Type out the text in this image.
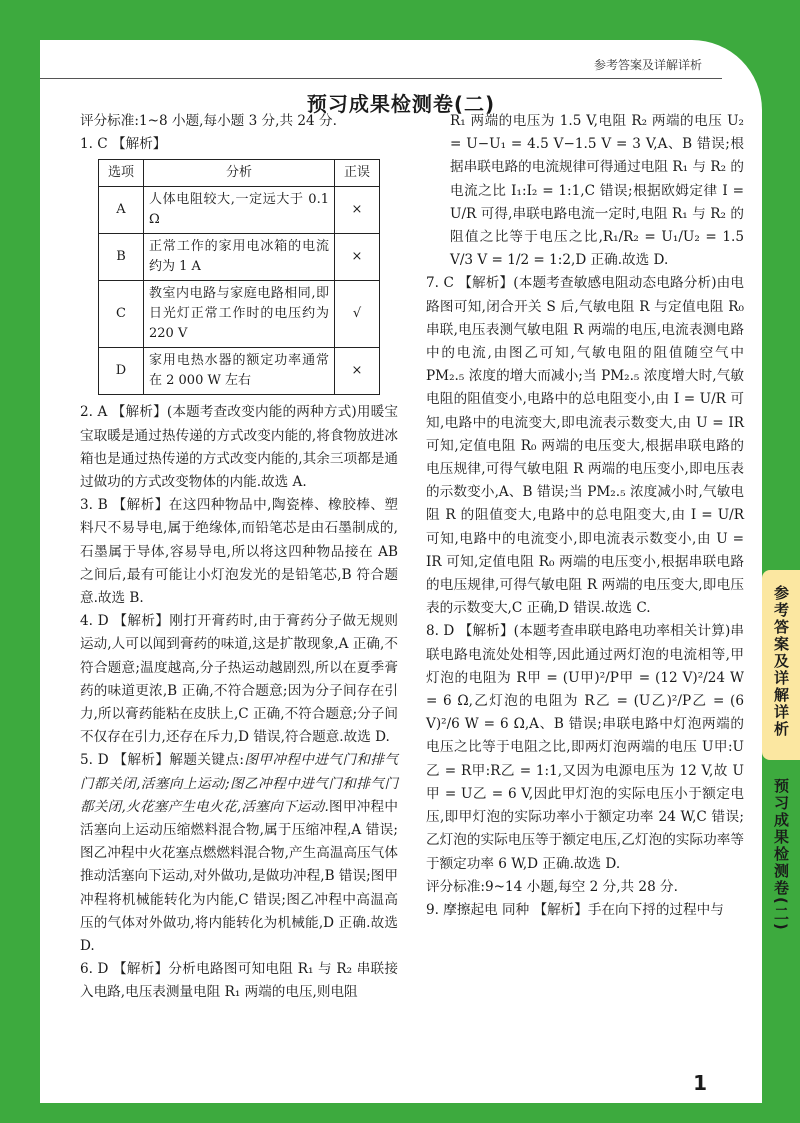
参考答案及详解详析
预习成果检测卷(二)

评分标准:1~8 小题,每小题 3 分,共 24 分.

1. C 【解析】

选项	分析	正误
A	人体电阻较大,一定远大于 0.1 Ω	×
B	正常工作的家用电冰箱的电流约为 1 A	×
C	教室内电路与家庭电路相同,即日光灯正常工作时的电压约为 220 V	√
D	家用电热水器的额定功率通常在 2 000 W 左右	×

2. A 【解析】(本题考查改变内能的两种方式)用暖宝宝取暖是通过热传递的方式改变内能的,将食物放进冰箱也是通过热传递的方式改变内能的,其余三项都是通过做功的方式改变物体的内能.故选 A.

3. B 【解析】在这四种物品中,陶瓷棒、橡胶棒、塑料尺不易导电,属于绝缘体,而铅笔芯是由石墨制成的,石墨属于导体,容易导电,所以将这四种物品接在 AB 之间后,最有可能让小灯泡发光的是铅笔芯,B 符合题意.故选 B.

4. D 【解析】刚打开膏药时,由于膏药分子做无规则运动,人可以闻到膏药的味道,这是扩散现象,A 正确,不符合题意;温度越高,分子热运动越剧烈,所以在夏季膏药的味道更浓,B 正确,不符合题意;因为分子间存在引力,所以膏药能粘在皮肤上,C 正确,不符合题意;分子间不仅存在引力,还存在斥力,D 错误,符合题意.故选 D.

5. D 【解析】解题关键点:图甲冲程中进气门和排气门都关闭,活塞向上运动;图乙冲程中进气门和排气门都关闭,火花塞产生电火花,活塞向下运动.图甲冲程中活塞向上运动压缩燃料混合物,属于压缩冲程,A 错误;图乙冲程中火花塞点燃燃料混合物,产生高温高压气体推动活塞向下运动,对外做功,是做功冲程,B 错误;图甲冲程将机械能转化为内能,C 错误;图乙冲程中高温高压的气体对外做功,将内能转化为机械能,D 正确.故选 D.

6. D 【解析】分析电路图可知电阻 R₁ 与 R₂ 串联接入电路,电压表测量电阻 R₁ 两端的电压,则电阻

R₁ 两端的电压为 1.5 V,电阻 R₂ 两端的电压 U₂ = U−U₁ = 4.5 V−1.5 V = 3 V,A、B 错误;根据串联电路的电流规律可得通过电阻 R₁ 与 R₂ 的电流之比 I₁:I₂ = 1:1,C 错误;根据欧姆定律 I = U/R 可得,串联电路电流一定时,电阻 R₁ 与 R₂ 的阻值之比等于电压之比,R₁/R₂ = U₁/U₂ = 1.5 V/3 V = 1/2 = 1:2,D 正确.故选 D.

7. C 【解析】(本题考查敏感电阻动态电路分析)由电路图可知,闭合开关 S 后,气敏电阻 R 与定值电阻 R₀ 串联,电压表测气敏电阻 R 两端的电压,电流表测电路中的电流,由图乙可知,气敏电阻的阻值随空气中 PM₂.₅ 浓度的增大而减小;当 PM₂.₅ 浓度增大时,气敏电阻的阻值变小,电路中的总电阻变小,由 I = U/R 可知,电路中的电流变大,即电流表示数变大,由 U = IR 可知,定值电阻 R₀ 两端的电压变大,根据串联电路的电压规律,可得气敏电阻 R 两端的电压变小,即电压表的示数变小,A、B 错误;当 PM₂.₅ 浓度减小时,气敏电阻 R 的阻值变大,电路中的总电阻变大,由 I = U/R 可知,电路中的电流变小,即电流表示数变小,由 U = IR 可知,定值电阻 R₀ 两端的电压变小,根据串联电路的电压规律,可得气敏电阻 R 两端的电压变大,即电压表的示数变大,C 正确,D 错误.故选 C.

8. D 【解析】(本题考查串联电路电功率相关计算)串联电路电流处处相等,因此通过两灯泡的电流相等,甲灯泡的电阻为 R甲 = (U甲)²/P甲 = (12 V)²/24 W = 6 Ω,乙灯泡的电阻为 R乙 = (U乙)²/P乙 = (6 V)²/6 W = 6 Ω,A、B 错误;串联电路中灯泡两端的电压之比等于电阻之比,即两灯泡两端的电压 U甲:U乙 = R甲:R乙 = 1:1,又因为电源电压为 12 V,故 U甲 = U乙 = 6 V,因此甲灯泡的实际电压小于额定电压,即甲灯泡的实际功率小于额定功率 24 W,C 错误;乙灯泡的实际电压等于额定电压,乙灯泡的实际功率等于额定功率 6 W,D 正确.故选 D.

评分标准:9~14 小题,每空 2 分,共 28 分.

9. 摩擦起电 同种 【解析】手在向下捋的过程中与

1
参考答案及详解详析
预习成果检测卷(二)
